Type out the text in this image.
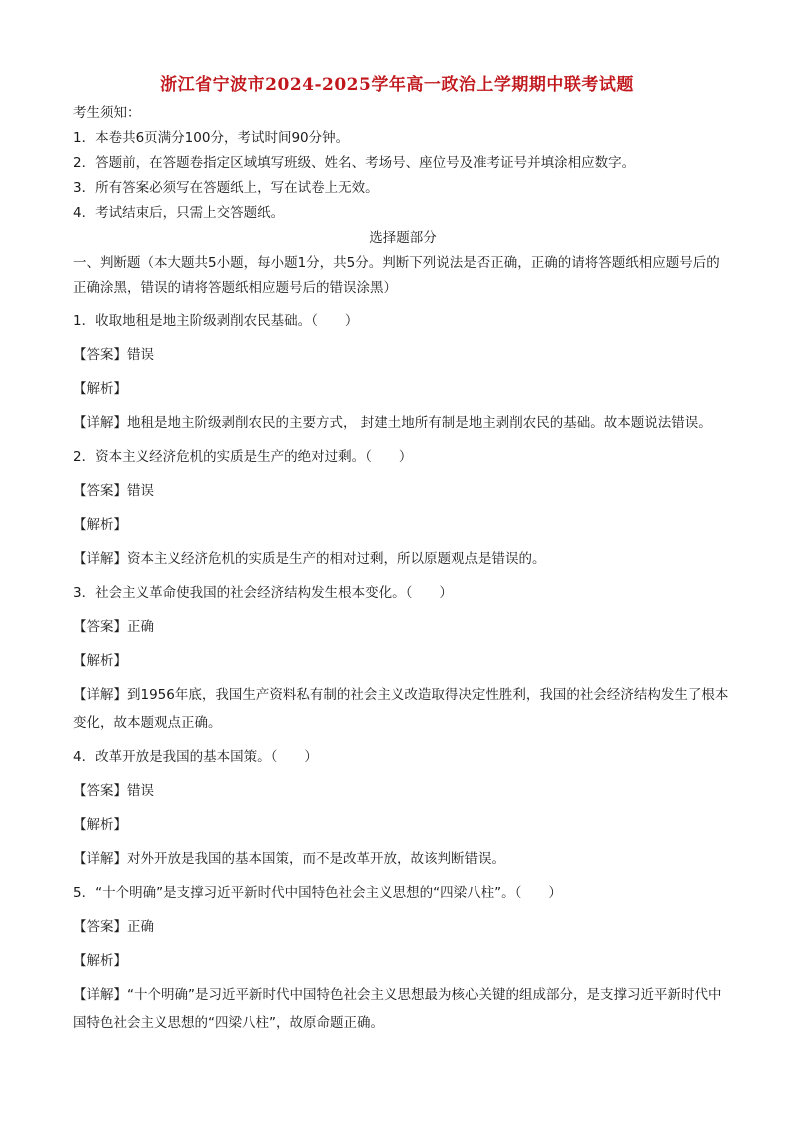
浙江省宁波市2024-2025学年高一政治上学期期中联考试题
考生须知：
1．本卷共6页满分100分，考试时间90分钟。
2．答题前，在答题卷指定区域填写班级、姓名、考场号、座位号及准考证号并填涂相应数字。
3．所有答案必须写在答题纸上，写在试卷上无效。
4．考试结束后，只需上交答题纸。
选择题部分
一、判断题（本大题共5小题，每小题1分，共5分。判断下列说法是否正确，正确的请将答题纸相应题号后的正确涂黑，错误的请将答题纸相应题号后的错误涂黑）
1．收取地租是地主阶级剥削农民基础。（　　）
【答案】错误
【解析】
【详解】地租是地主阶级剥削农民的主要方式， 封建土地所有制是地主剥削农民的基础。故本题说法错误。
2．资本主义经济危机的实质是生产的绝对过剩。（　　）
【答案】错误
【解析】
【详解】资本主义经济危机的实质是生产的相对过剩，所以原题观点是错误的。
3．社会主义革命使我国的社会经济结构发生根本变化。（　　）
【答案】正确
【解析】
【详解】到1956年底，我国生产资料私有制的社会主义改造取得决定性胜利，我国的社会经济结构发生了根本变化，故本题观点正确。
4．改革开放是我国的基本国策。（　　）
【答案】错误
【解析】
【详解】对外开放是我国的基本国策，而不是改革开放，故该判断错误。
5．“十个明确”是支撑习近平新时代中国特色社会主义思想的“四梁八柱”。（　　）
【答案】正确
【解析】
【详解】“十个明确”是习近平新时代中国特色社会主义思想最为核心关键的组成部分，是支撑习近平新时代中国特色社会主义思想的“四梁八柱”，故原命题正确。
